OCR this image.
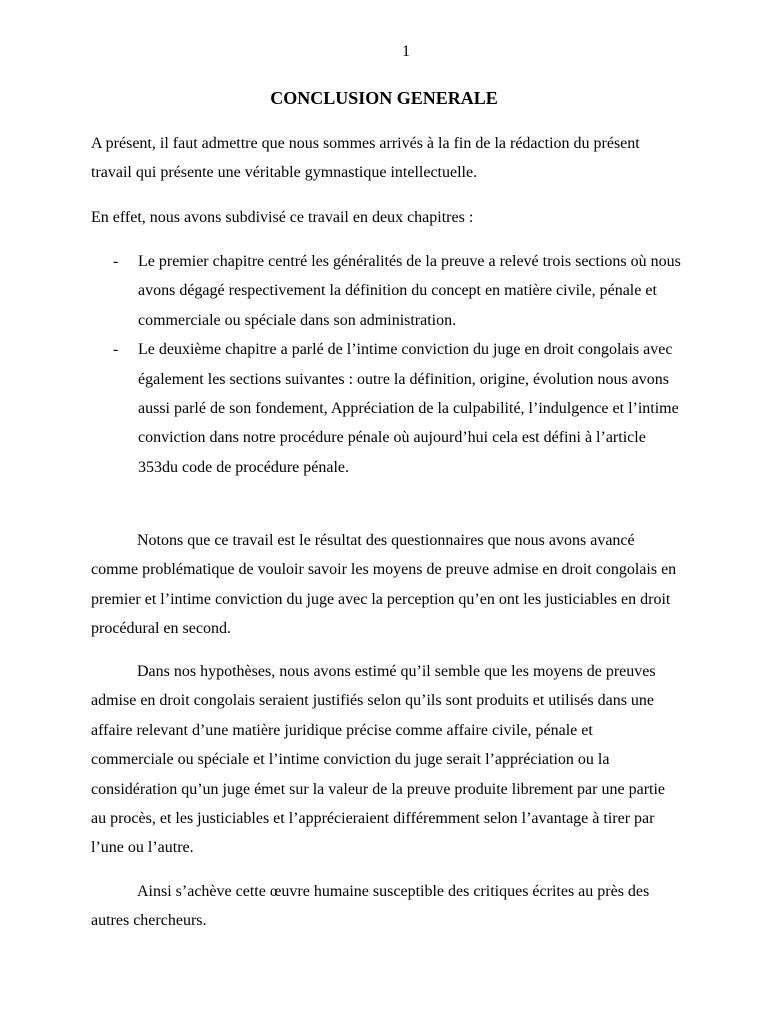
1
CONCLUSION GENERALE

A présent, il faut admettre que nous sommes arrivés à la fin de la rédaction du présent travail qui présente une véritable gymnastique intellectuelle.

En effet, nous avons subdivisé ce travail en deux chapitres :

- Le premier chapitre centré les généralités de la preuve a relevé trois sections où nous avons dégagé respectivement la définition du concept en matière civile, pénale et commerciale ou spéciale dans son administration.
- Le deuxième chapitre a parlé de l’intime conviction du juge en droit congolais avec également les sections suivantes : outre la définition, origine, évolution nous avons aussi parlé de son fondement, Appréciation de la culpabilité, l’indulgence et l’intime conviction dans notre procédure pénale où aujourd’hui cela est défini à l’article 353du code de procédure pénale.

Notons que ce travail est le résultat des questionnaires que nous avons avancé comme problématique de vouloir savoir les moyens de preuve admise en droit congolais en premier et l’intime conviction du juge avec la perception qu’en ont les justiciables en droit procédural en second.

Dans nos hypothèses, nous avons estimé qu’il semble que les moyens de preuves admise en droit congolais seraient justifiés selon qu’ils sont produits et utilisés dans une affaire relevant d’une matière juridique précise comme affaire civile, pénale et commerciale ou spéciale et l’intime conviction du juge serait l’appréciation ou la considération qu’un juge émet sur la valeur de la preuve produite librement par une partie au procès, et les justiciables et l’apprécieraient différemment selon l’avantage à tirer par l’une ou l’autre.

Ainsi s’achève cette œuvre humaine susceptible des critiques écrites au près des autres chercheurs.
